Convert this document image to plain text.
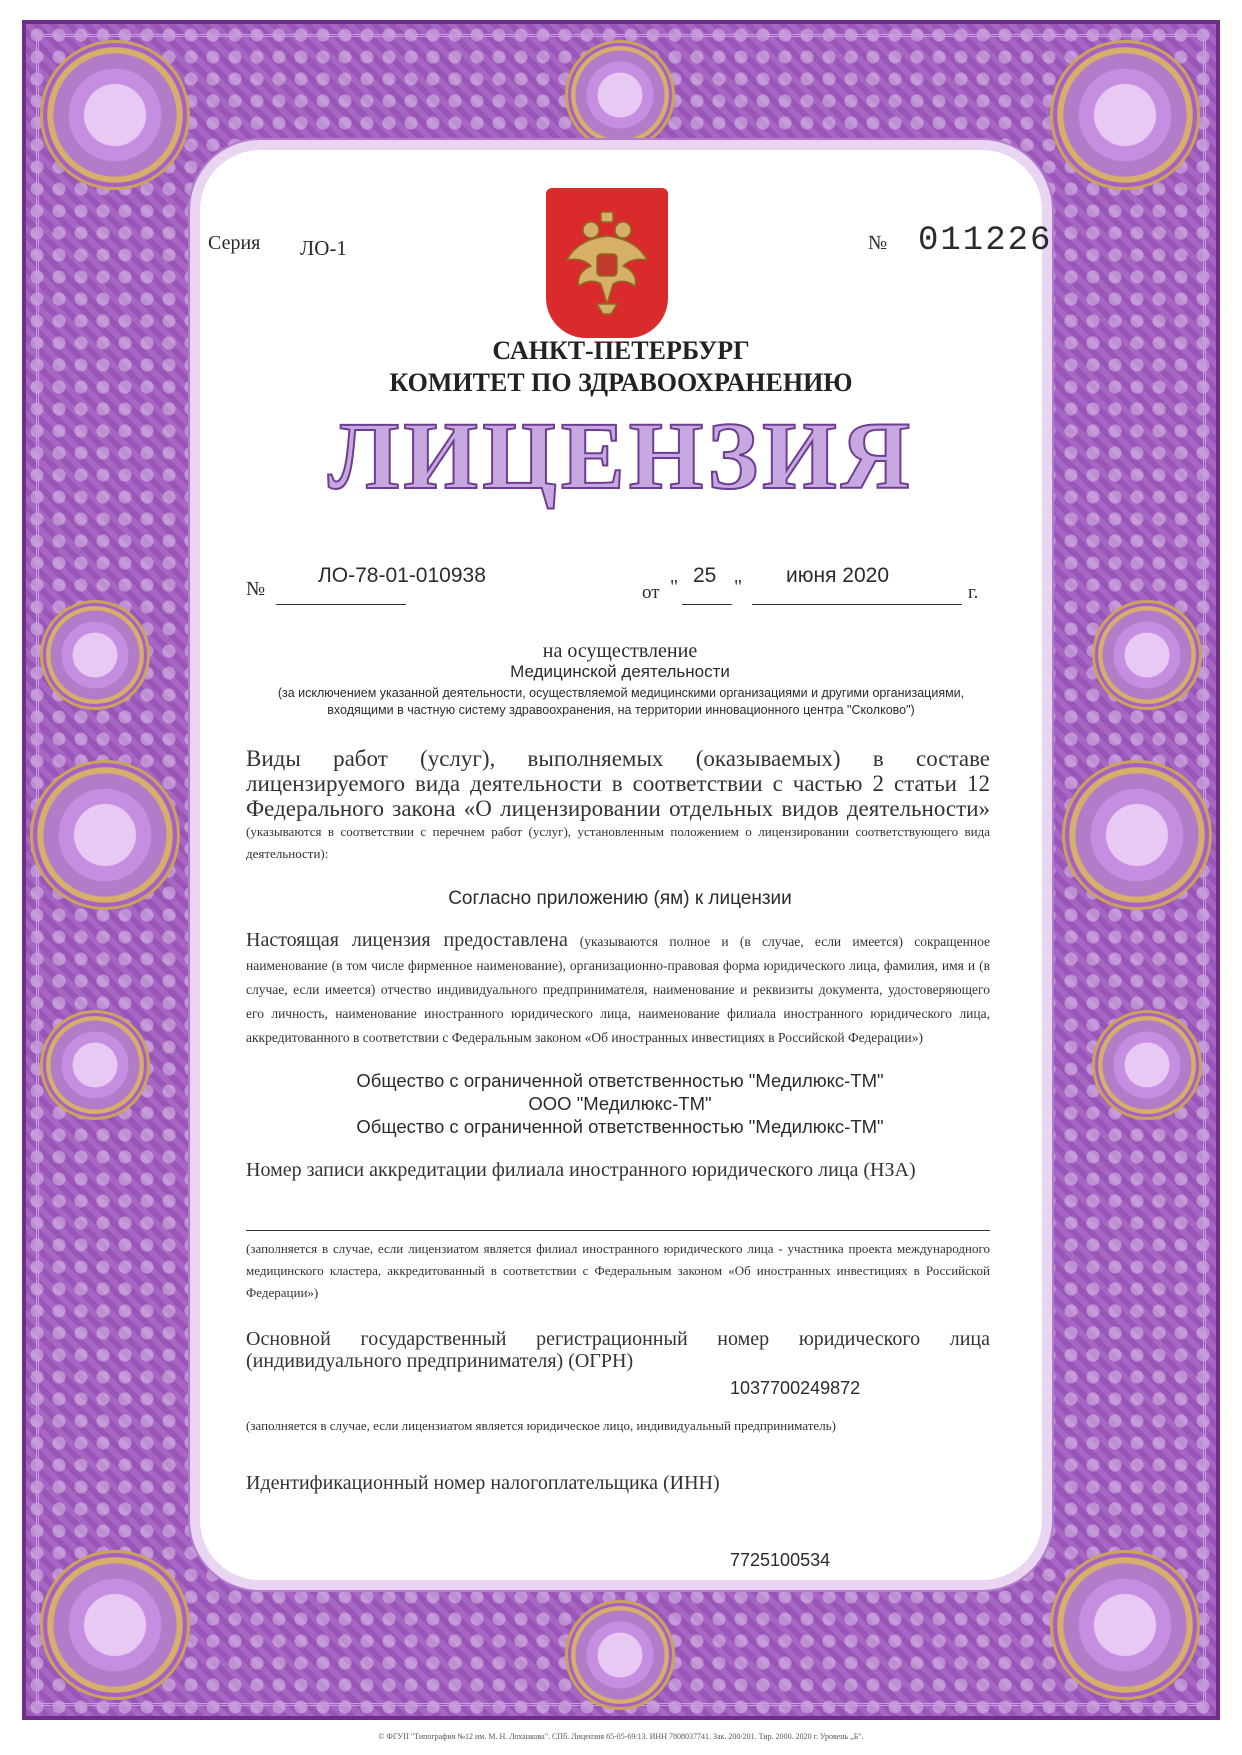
Серия ЛО-1	№ 011226
САНКТ-ПЕТЕРБУРГ
КОМИТЕТ ПО ЗДРАВООХРАНЕНИЮ
ЛИЦЕНЗИЯ
№
ЛО-78-01-010938
от " 25 " июня 2020
г.
на осуществление
Медицинской деятельности
(за исключением указанной деятельности, осуществляемой медицинскими организациями и другими организациями,
входящими в частную систему здравоохранения, на территории инновационного центра "Сколково")
Виды работ (услуг), выполняемых (оказываемых) в составе лицензируемого вида деятельности в соответствии с частью 2 статьи 12 Федерального закона «О лицензировании отдельных видов деятельности» (указываются в соответствии с перечнем работ (услуг), установленным положением о лицензировании соответствующего вида деятельности):
Согласно приложению (ям) к лицензии
Настоящая лицензия предоставлена (указываются полное и (в случае, если имеется) сокращенное наименование (в том числе фирменное наименование), организационно-правовая форма юридического лица, фамилия, имя и (в случае, если имеется) отчество индивидуального предпринимателя, наименование и реквизиты документа, удостоверяющего его личность, наименование иностранного юридического лица, наименование филиала иностранного юридического лица, аккредитованного в соответствии с Федеральным законом «Об иностранных инвестициях в Российской Федерации»)
Общество с ограниченной ответственностью "Медилюкс-ТМ"
ООО "Медилюкс-ТМ"
Общество с ограниченной ответственностью "Медилюкс-ТМ"
Номер записи аккредитации филиала иностранного юридического лица (НЗА)
(заполняется в случае, если лицензиатом является филиал иностранного юридического лица - участника проекта международного медицинского кластера, аккредитованный в соответствии с Федеральным законом «Об иностранных инвестициях в Российской Федерации»)
Основной государственный регистрационный номер юридического лица (индивидуального предпринимателя) (ОГРН)
1037700249872
(заполняется в случае, если лицензиатом является юридическое лицо, индивидуальный предприниматель)
Идентификационный номер налогоплательщика (ИНН)
7725100534
© ФГУП "Типография №12 им. М. Н. Лоханкова". СПб. Лицензия 65-05-69/13. ИНН 7808037741. Зак. 200/201. Тир. 2000. 2020 г. Уровень „Б".
